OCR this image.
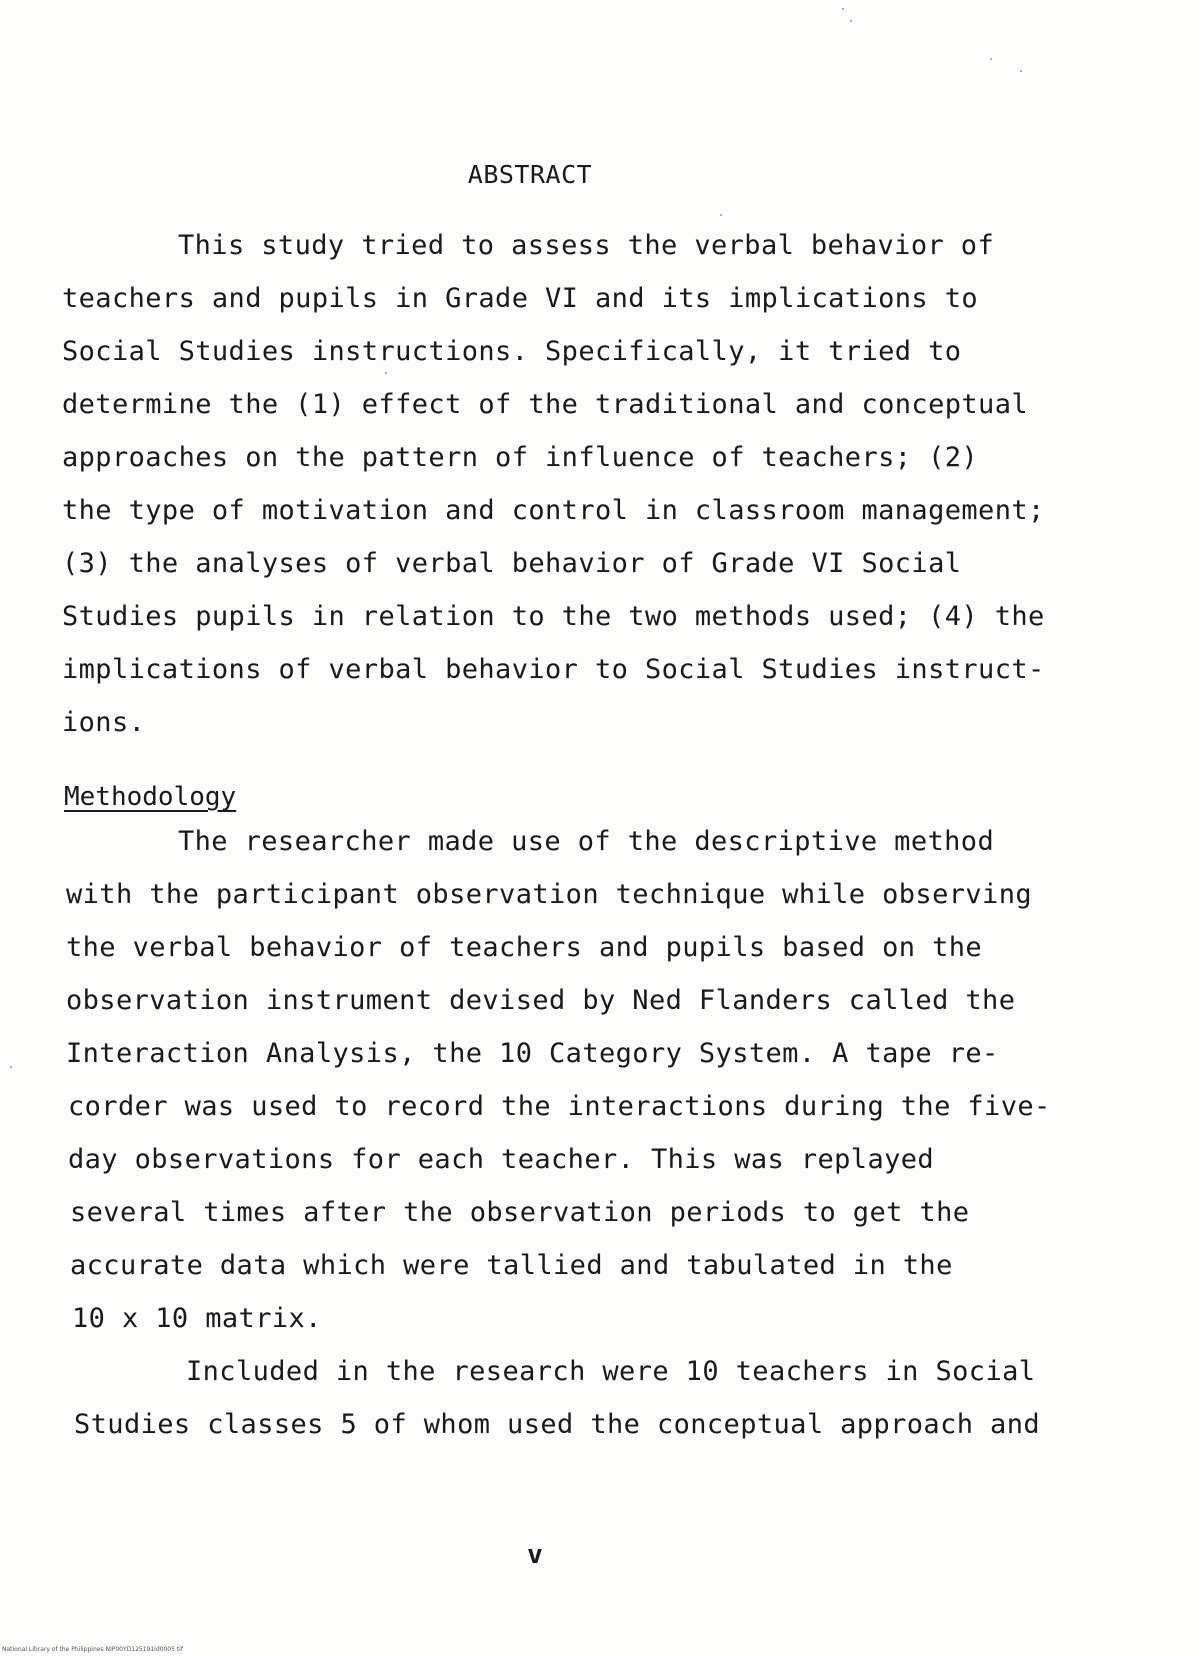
ABSTRACT
This study tried to assess the verbal behavior of
teachers and pupils in Grade VI and its implications to
Social Studies instructions. Specifically, it tried to
determine the (1) effect of the traditional and conceptual
approaches on the pattern of influence of teachers; (2)
the type of motivation and control in classroom management;
(3) the analyses of verbal behavior of Grade VI Social
Studies pupils in relation to the two methods used; (4) the
implications of verbal behavior to Social Studies instruct-
ions.
Methodology
The researcher made use of the descriptive method
with the participant observation technique while observing
the verbal behavior of teachers and pupils based on the
observation instrument devised by Ned Flanders called the
Interaction Analysis, the 10 Category System. A tape re-
corder was used to record the interactions during the five-
day observations for each teacher. This was replayed
several times after the observation periods to get the
accurate data which were tallied and tabulated in the
10 x 10 matrix.
Included in the research were 10 teachers in Social
Studies classes 5 of whom used the conceptual approach and
v
National Library of the Philippines NIP00YD125191id0005 tif
